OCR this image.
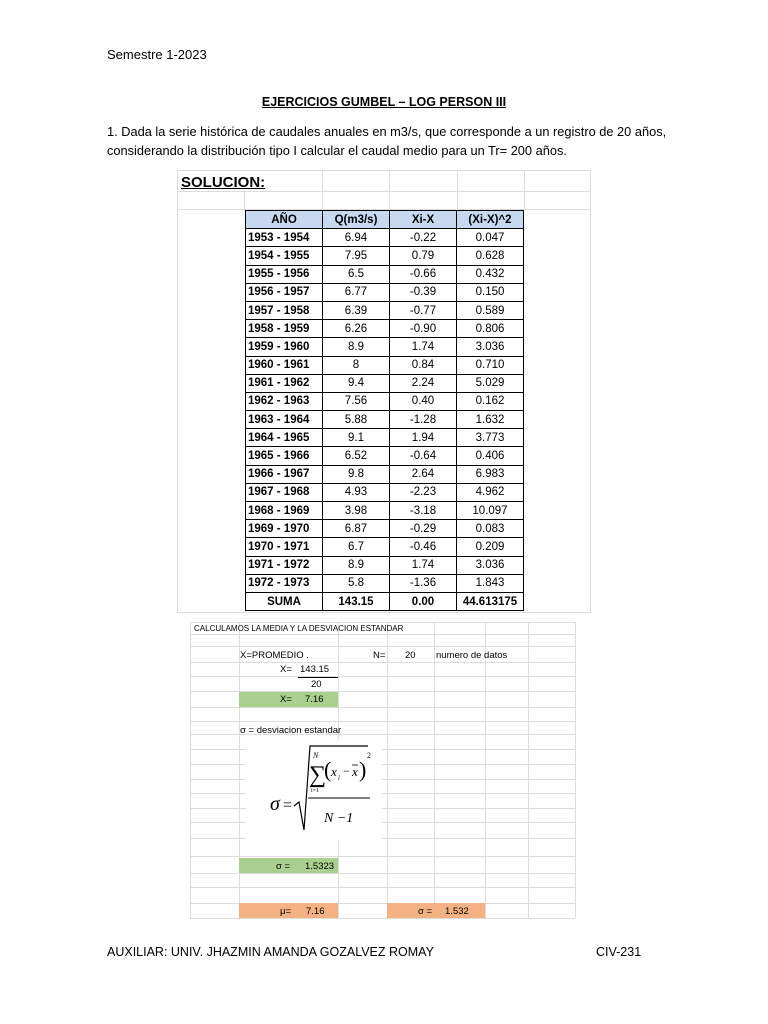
Semestre 1-2023
EJERCICIOS GUMBEL – LOG PERSON III
1. Dada la serie histórica de caudales anuales en m3/s, que corresponde a un registro de 20 años,
considerando la distribución tipo I calcular el caudal medio para un Tr= 200 años.
SOLUCION:
AÑO	Q(m3/s)	Xi-X	(Xi-X)^2
1953 - 1954	6.94	-0.22	0.047
1954 - 1955	7.95	0.79	0.628
1955 - 1956	6.5	-0.66	0.432
1956 - 1957	6.77	-0.39	0.150
1957 - 1958	6.39	-0.77	0.589
1958 - 1959	6.26	-0.90	0.806
1959 - 1960	8.9	1.74	3.036
1960 - 1961	8	0.84	0.710
1961 - 1962	9.4	2.24	5.029
1962 - 1963	7.56	0.40	0.162
1963 - 1964	5.88	-1.28	1.632
1964 - 1965	9.1	1.94	3.773
1965 - 1966	6.52	-0.64	0.406
1966 - 1967	9.8	2.64	6.983
1967 - 1968	4.93	-2.23	4.962
1968 - 1969	3.98	-3.18	10.097
1969 - 1970	6.87	-0.29	0.083
1970 - 1971	6.7	-0.46	0.209
1971 - 1972	8.9	1.74	3.036
1972 - 1973	5.8	-1.36	1.843
SUMA	143.15	0.00	44.613175
CALCULAMOS LA MEDIA Y LA DESVIACION ESTANDAR
X=PROMEDIO .	N= 20 numero de datos
X= 143.15
20
X= 7.16
σ = desviacion estandar
σ =
N
∑
i=1
( x i − x )
2
N −1
σ = 1.5323
μ= 7.16	σ = 1.532
AUXILIAR: UNIV. JHAZMIN AMANDA GOZALVEZ ROMAY	CIV-231
